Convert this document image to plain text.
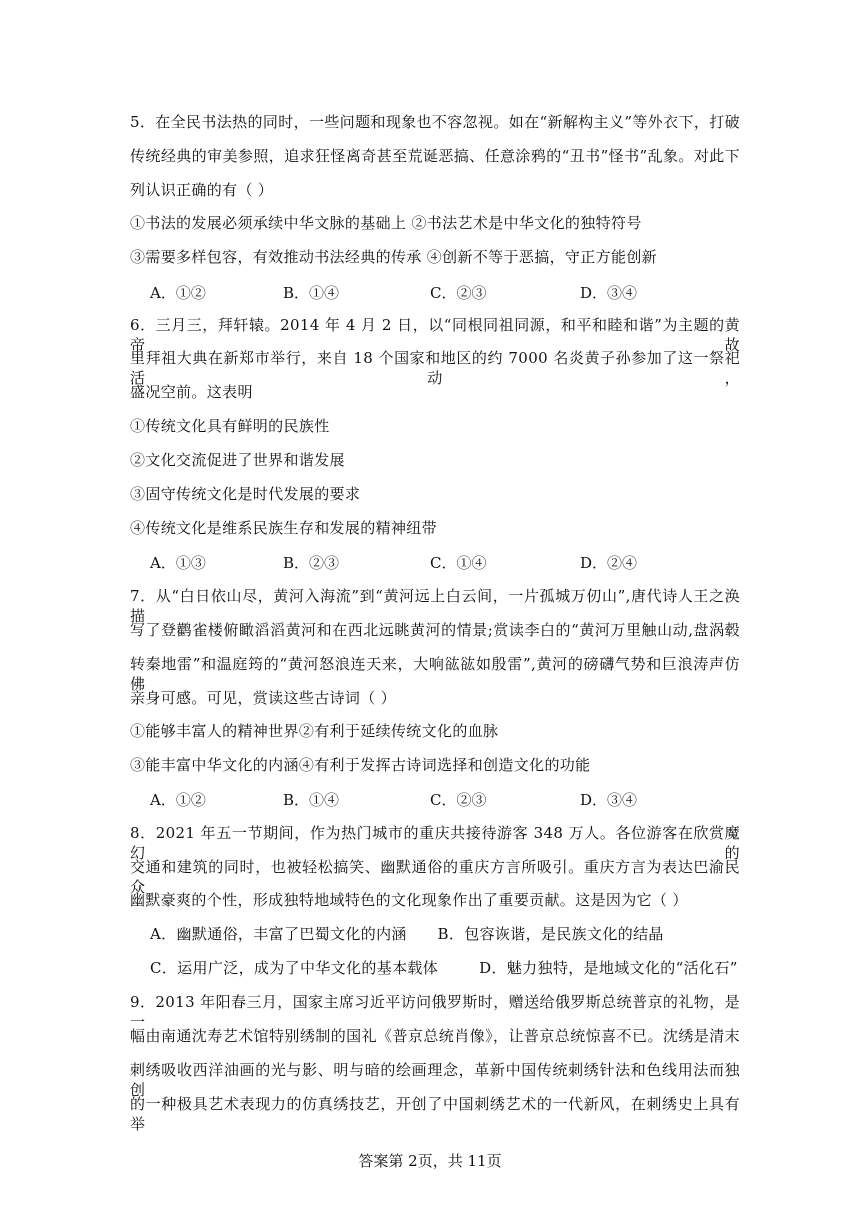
5．在全民书法热的同时，一些问题和现象也不容忽视。如在“新解构主义”等外衣下，打破
传统经典的审美参照，追求狂怪离奇甚至荒诞恶搞、任意涂鸦的“丑书”怪书”乱象。对此下
列认识正确的有（ ）
①书法的发展必须承续中华文脉的基础上 ②书法艺术是中华文化的独特符号
③需要多样包容，有效推动书法经典的传承 ④创新不等于恶搞，守正方能创新
A．①②	B．①④	C．②③	D．③④
6．三月三，拜轩辕。2014 年 4 月 2 日，以“同根同祖同源，和平和睦和谐”为主题的黄帝故
里拜祖大典在新郑市举行，来自 18 个国家和地区的约 7000 名炎黄子孙参加了这一祭祀活动，
盛况空前。这表明
①传统文化具有鲜明的民族性
②文化交流促进了世界和谐发展
③固守传统文化是时代发展的要求
④传统文化是维系民族生存和发展的精神纽带
A．①③	B．②③	C．①④	D．②④
7．从“白日依山尽，黄河入海流”到“黄河远上白云间，一片孤城万仞山”,唐代诗人王之涣描
写了登鹳雀楼俯瞰滔滔黄河和在西北远眺黄河的情景;赏读李白的“黄河万里触山动,盘涡毂
转秦地雷”和温庭筠的“黄河怒浪连天来，大响谹谹如殷雷”,黄河的磅礴气势和巨浪涛声仿佛
亲身可感。可见，赏读这些古诗词（ ）
①能够丰富人的精神世界②有利于延续传统文化的血脉
③能丰富中华文化的内涵④有利于发挥古诗词选择和创造文化的功能
A．①②	B．①④	C．②③	D．③④
8．2021 年五一节期间，作为热门城市的重庆共接待游客 348 万人。各位游客在欣赏魔幻的
交通和建筑的同时，也被轻松搞笑、幽默通俗的重庆方言所吸引。重庆方言为表达巴渝民众
幽默豪爽的个性，形成独特地域特色的文化现象作出了重要贡献。这是因为它（ ）
A．幽默通俗，丰富了巴蜀文化的内涵      B．包容诙谐，是民族文化的结晶
C．运用广泛，成为了中华文化的基本载体        D．魅力独特，是地域文化的“活化石”
9．2013 年阳春三月，国家主席习近平访问俄罗斯时，赠送给俄罗斯总统普京的礼物，是一
幅由南通沈寿艺术馆特别绣制的国礼《普京总统肖像》，让普京总统惊喜不已。沈绣是清末
刺绣吸收西洋油画的光与影、明与暗的绘画理念，革新中国传统刺绣针法和色线用法而独创
的一种极具艺术表现力的仿真绣技艺，开创了中国刺绣艺术的一代新风，在刺绣史上具有举
答案第 2页，共 11页
